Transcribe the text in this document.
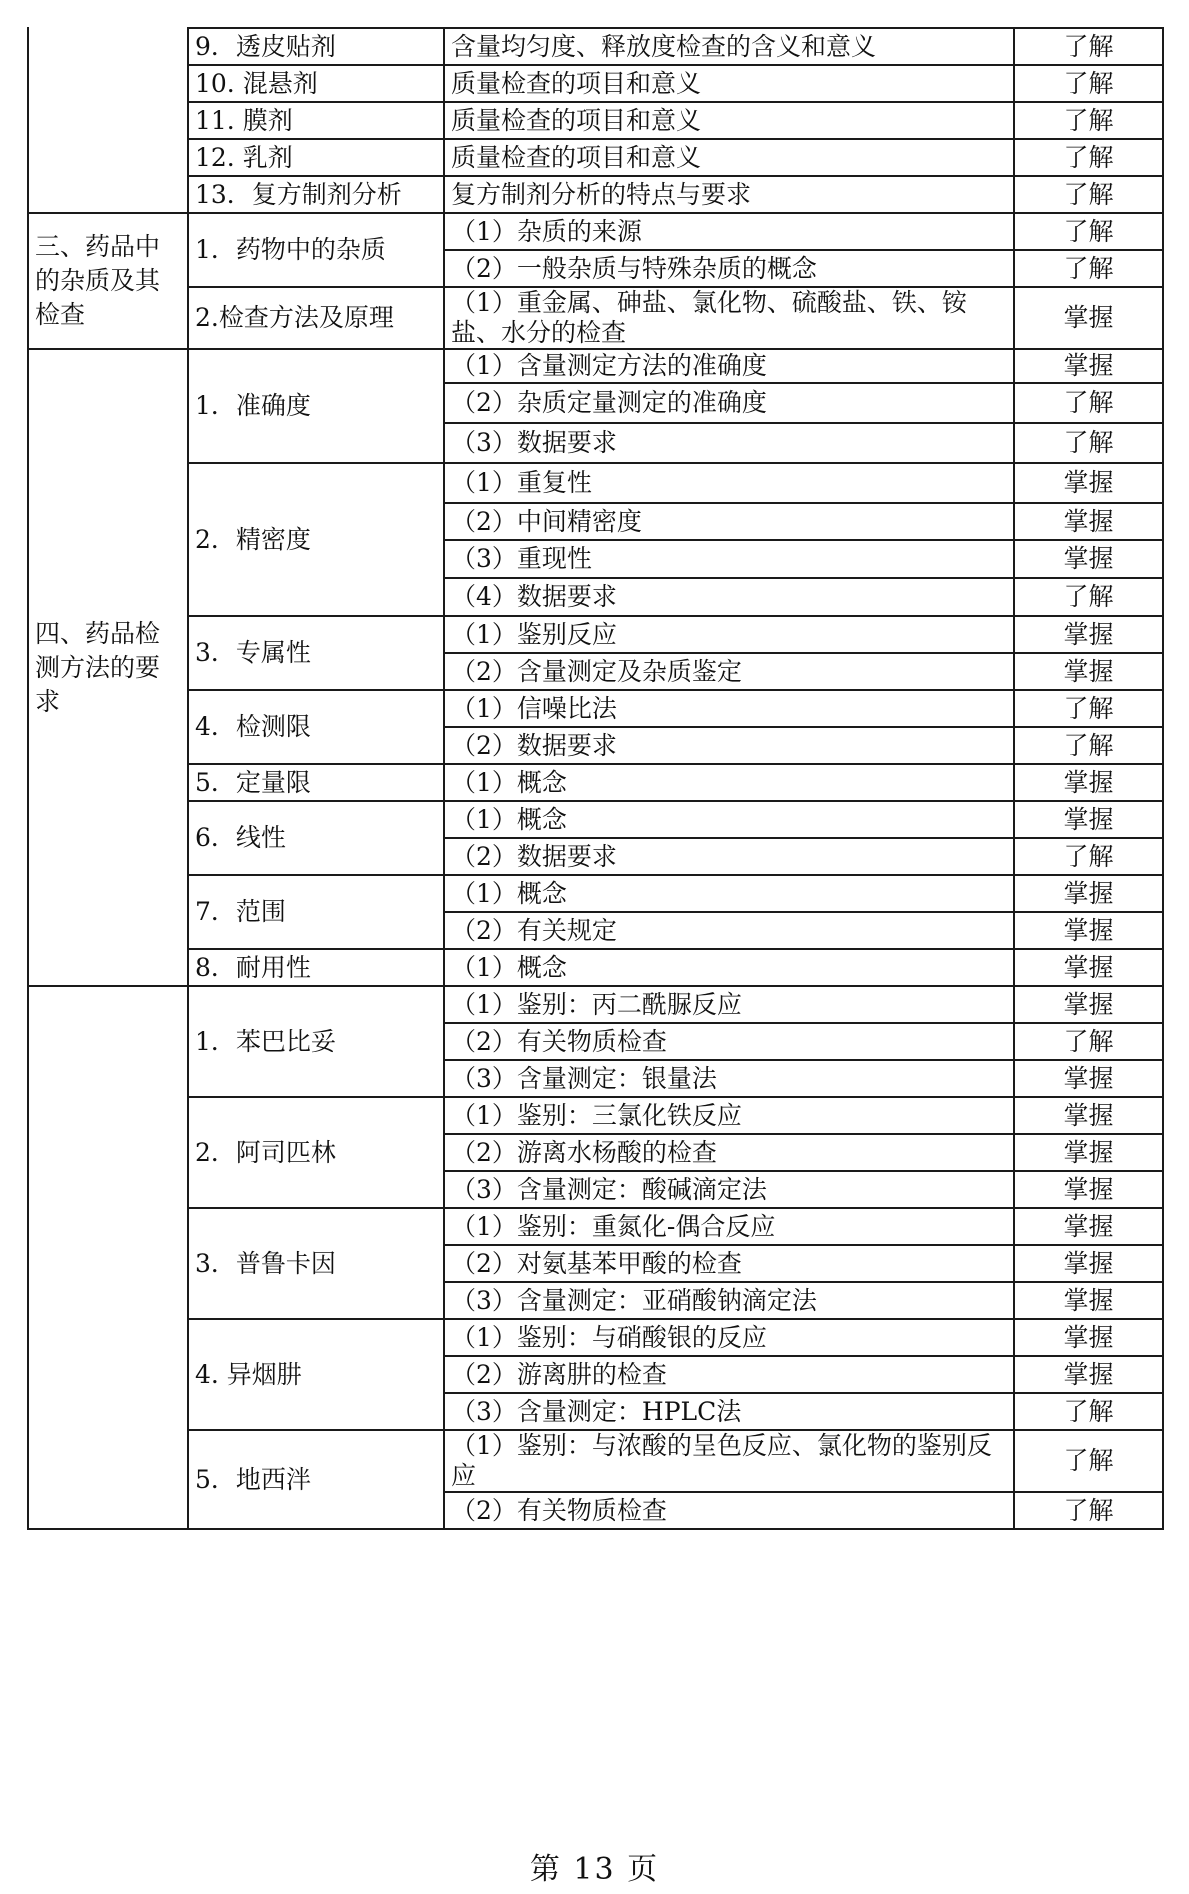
	9．透皮贴剂	含量均匀度、释放度检查的含义和意义	了解
	10. 混悬剂	质量检查的项目和意义	了解
	11. 膜剂	质量检查的项目和意义	了解
	12. 乳剂	质量检查的项目和意义	了解
	13．复方制剂分析	复方制剂分析的特点与要求	了解
三、药品中的杂质及其检查	1．药物中的杂质	（1）杂质的来源	了解
		（2）一般杂质与特殊杂质的概念	了解
	2.检查方法及原理	（1）重金属、砷盐、氯化物、硫酸盐、铁、铵盐、水分的检查	掌握
四、药品检测方法的要求	1．准确度	（1）含量测定方法的准确度	掌握
		（2）杂质定量测定的准确度	了解
		（3）数据要求	了解
	2．精密度	（1）重复性	掌握
		（2）中间精密度	掌握
		（3）重现性	掌握
		（4）数据要求	了解
	3．专属性	（1）鉴别反应	掌握
		（2）含量测定及杂质鉴定	掌握
	4．检测限	（1）信噪比法	了解
		（2）数据要求	了解
	5．定量限	（1）概念	掌握
	6．线性	（1）概念	掌握
		（2）数据要求	了解
	7．范围	（1）概念	掌握
		（2）有关规定	掌握
	8．耐用性	（1）概念	掌握
	1．苯巴比妥	（1）鉴别：丙二酰脲反应	掌握
		（2）有关物质检查	了解
		（3）含量测定：银量法	掌握
	2．阿司匹林	（1）鉴别：三氯化铁反应	掌握
		（2）游离水杨酸的检查	掌握
		（3）含量测定：酸碱滴定法	掌握
	3．普鲁卡因	（1）鉴别：重氮化-偶合反应	掌握
		（2）对氨基苯甲酸的检查	掌握
		（3）含量测定：亚硝酸钠滴定法	掌握
	4. 异烟肼	（1）鉴别：与硝酸银的反应	掌握
		（2）游离肼的检查	掌握
		（3）含量测定：HPLC法	了解
	5．地西泮	（1）鉴别：与浓酸的呈色反应、氯化物的鉴别反应	了解
		（2）有关物质检查	了解
第 13 页
